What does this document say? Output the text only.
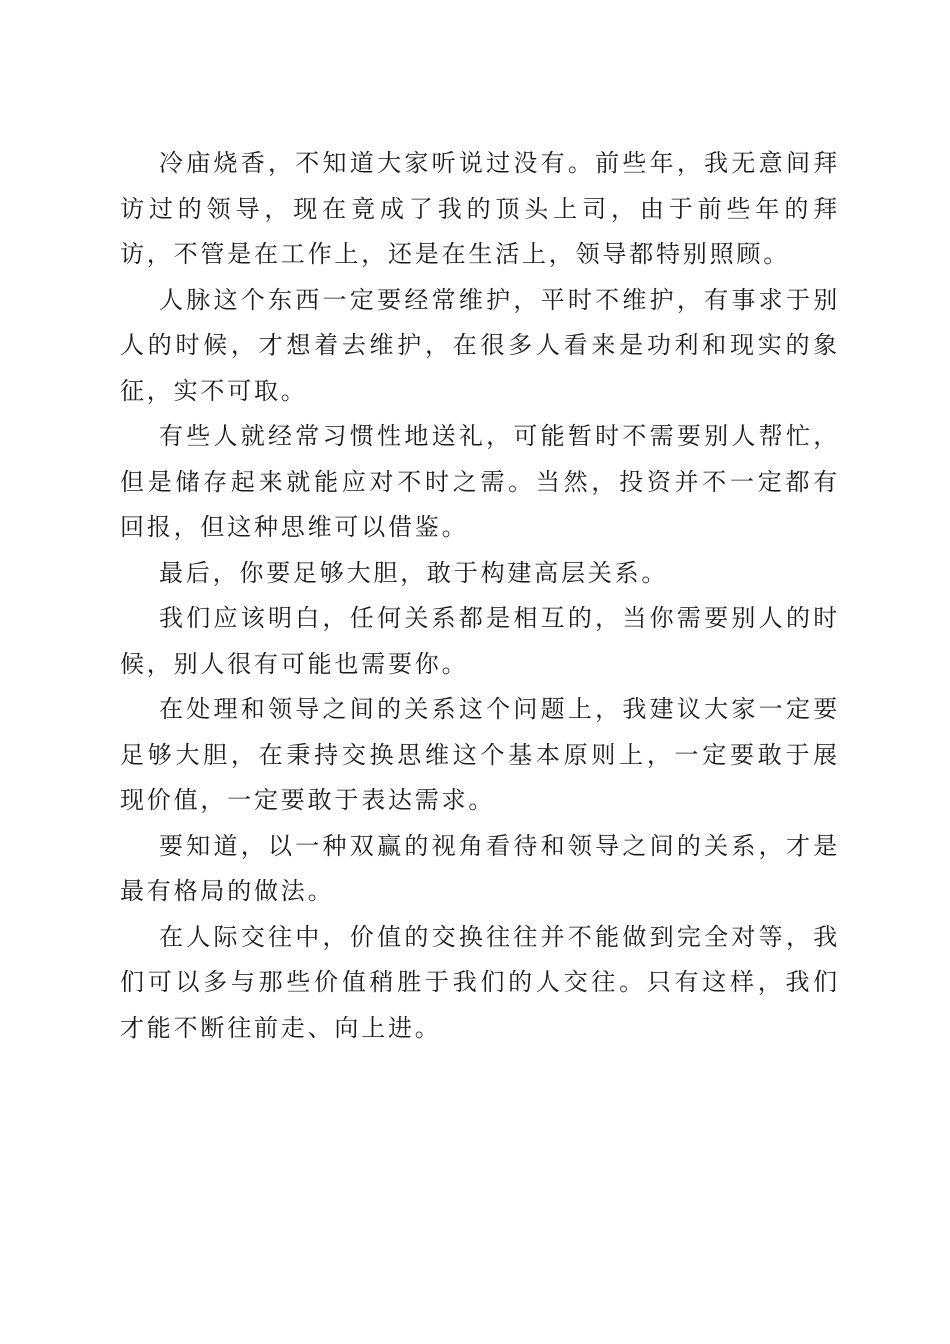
冷庙烧香，不知道大家听说过没有。前些年，我无意间拜访过的领导，现在竟成了我的顶头上司，由于前些年的拜访，不管是在工作上，还是在生活上，领导都特别照顾。

人脉这个东西一定要经常维护，平时不维护，有事求于别人的时候，才想着去维护，在很多人看来是功利和现实的象征，实不可取。

有些人就经常习惯性地送礼，可能暂时不需要别人帮忙，但是储存起来就能应对不时之需。当然，投资并不一定都有回报，但这种思维可以借鉴。

最后，你要足够大胆，敢于构建高层关系。

我们应该明白，任何关系都是相互的，当你需要别人的时候，别人很有可能也需要你。

在处理和领导之间的关系这个问题上，我建议大家一定要足够大胆，在秉持交换思维这个基本原则上，一定要敢于展现价值，一定要敢于表达需求。

要知道，以一种双赢的视角看待和领导之间的关系，才是最有格局的做法。

在人际交往中，价值的交换往往并不能做到完全对等，我们可以多与那些价值稍胜于我们的人交往。只有这样，我们才能不断往前走、向上进。
